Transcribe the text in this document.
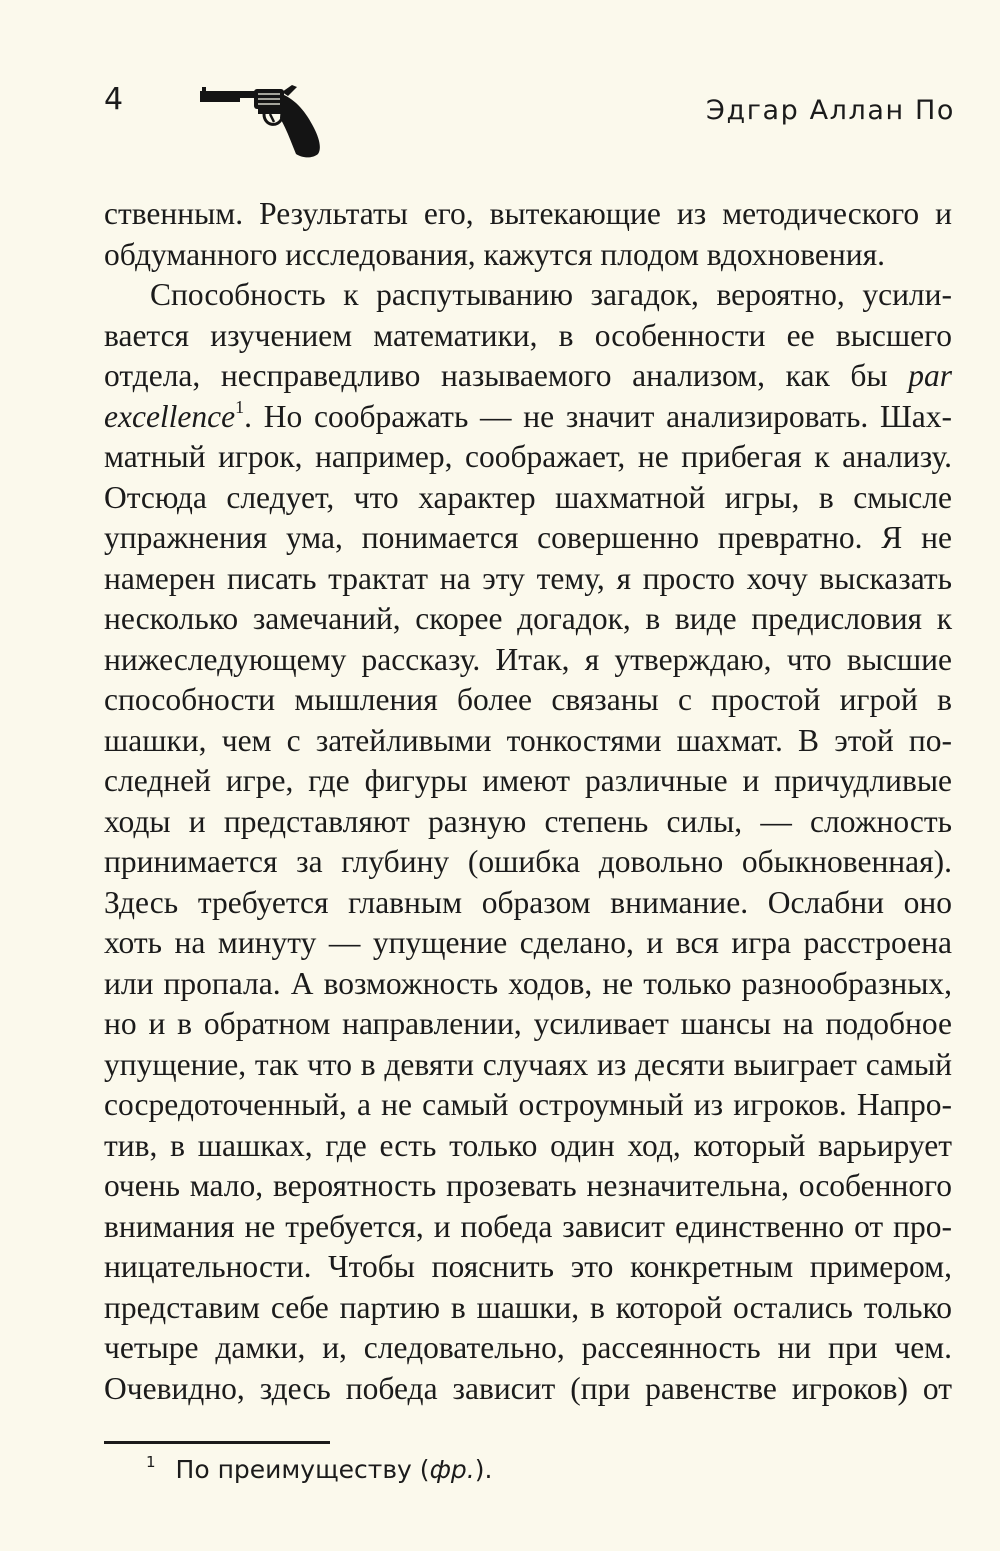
4	Эдгар Аллан По
ственным. Результаты его, вытекающие из методического и
обдуманного исследования, кажутся плодом вдохновения.
Способность к распутыванию загадок, вероятно, усили-
вается изучением математики, в особенности ее высшего
отдела, несправедливо называемого анализом, как бы par
excellence$^1$. Но соображать — не значит анализировать. Шах-
матный игрок, например, соображает, не прибегая к анализу.
Отсюда следует, что характер шахматной игры, в смысле
упражнения ума, понимается совершенно превратно. Я не
намерен писать трактат на эту тему, я просто хочу высказать
несколько замечаний, скорее догадок, в виде предисловия к
нижеследующему рассказу. Итак, я утверждаю, что высшие
способности мышления более связаны с простой игрой в
шашки, чем с затейливыми тонкостями шахмат. В этой по-
следней игре, где фигуры имеют различные и причудливые
ходы и представляют разную степень силы, — сложность
принимается за глубину (ошибка довольно обыкновенная).
Здесь требуется главным образом внимание. Ослабни оно
хоть на минуту — упущение сделано, и вся игра расстроена
или пропала. А возможность ходов, не только разнообразных,
но и в обратном направлении, усиливает шансы на подобное
упущение, так что в девяти случаях из десяти выиграет самый
сосредоточенный, а не самый остроумный из игроков. Напро-
тив, в шашках, где есть только один ход, который варьирует
очень мало, вероятность прозевать незначительна, особенного
внимания не требуется, и победа зависит единственно от про-
ницательности. Чтобы пояснить это конкретным примером,
представим себе партию в шашки, в которой остались только
четыре дамки, и, следовательно, рассеянность ни при чем.
Очевидно, здесь победа зависит (при равенстве игроков) от
$^1$ По преимуществу (фр.).
